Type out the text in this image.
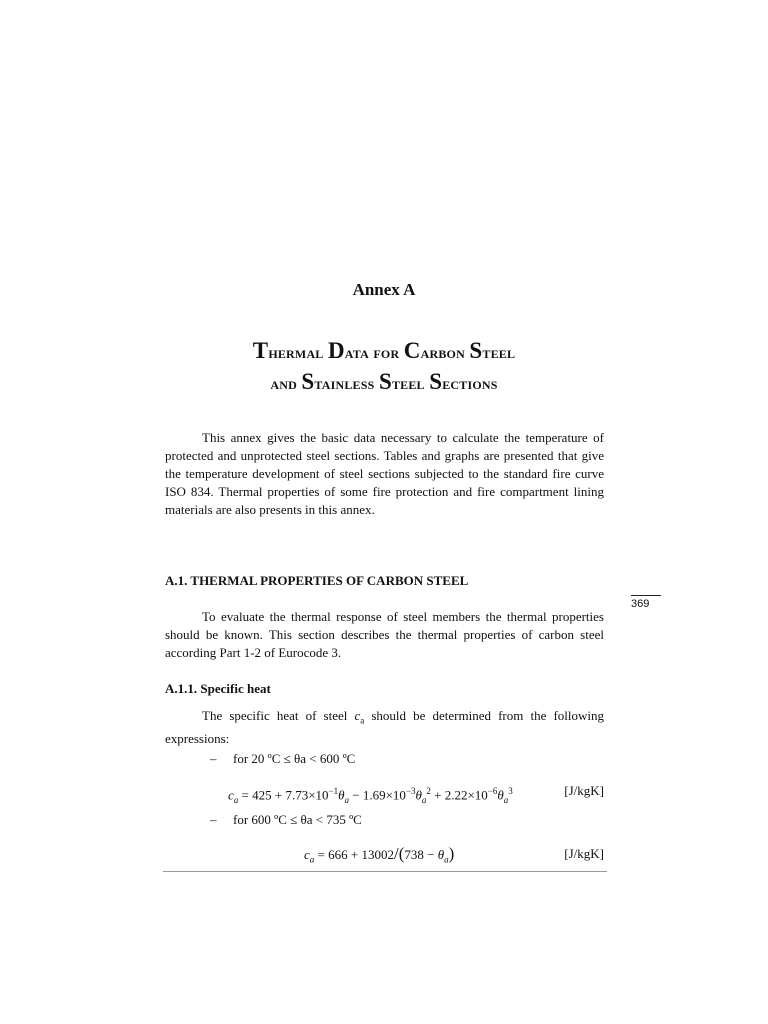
Annex A
Thermal Data for Carbon Steel
and Stainless Steel Sections

This annex gives the basic data necessary to calculate the temperature of protected and unprotected steel sections. Tables and graphs are presented that give the temperature development of steel sections subjected to the standard fire curve ISO 834. Thermal properties of some fire protection and fire compartment lining materials are also presents in this annex.

A.1. THERMAL PROPERTIES OF CARBON STEEL
369

To evaluate the thermal response of steel members the thermal properties should be known. This section describes the thermal properties of carbon steel according Part 1-2 of Eurocode 3.

A.1.1. Specific heat

The specific heat of steel $c_a$ should be determined from the following expressions:

– for 20 ºC ≤ θa < 600 ºC
$c_a = 425 + 7.73\times 10^{-1}\theta_a - 1.69\times 10^{-3}\theta_a^2 + 2.22\times 10^{-6}\theta_a^3$	[J/kgK]
– for 600 ºC ≤ θa < 735 ºC
$c_a = 666 + 13002/(738 - \theta_a)$	[J/kgK]
